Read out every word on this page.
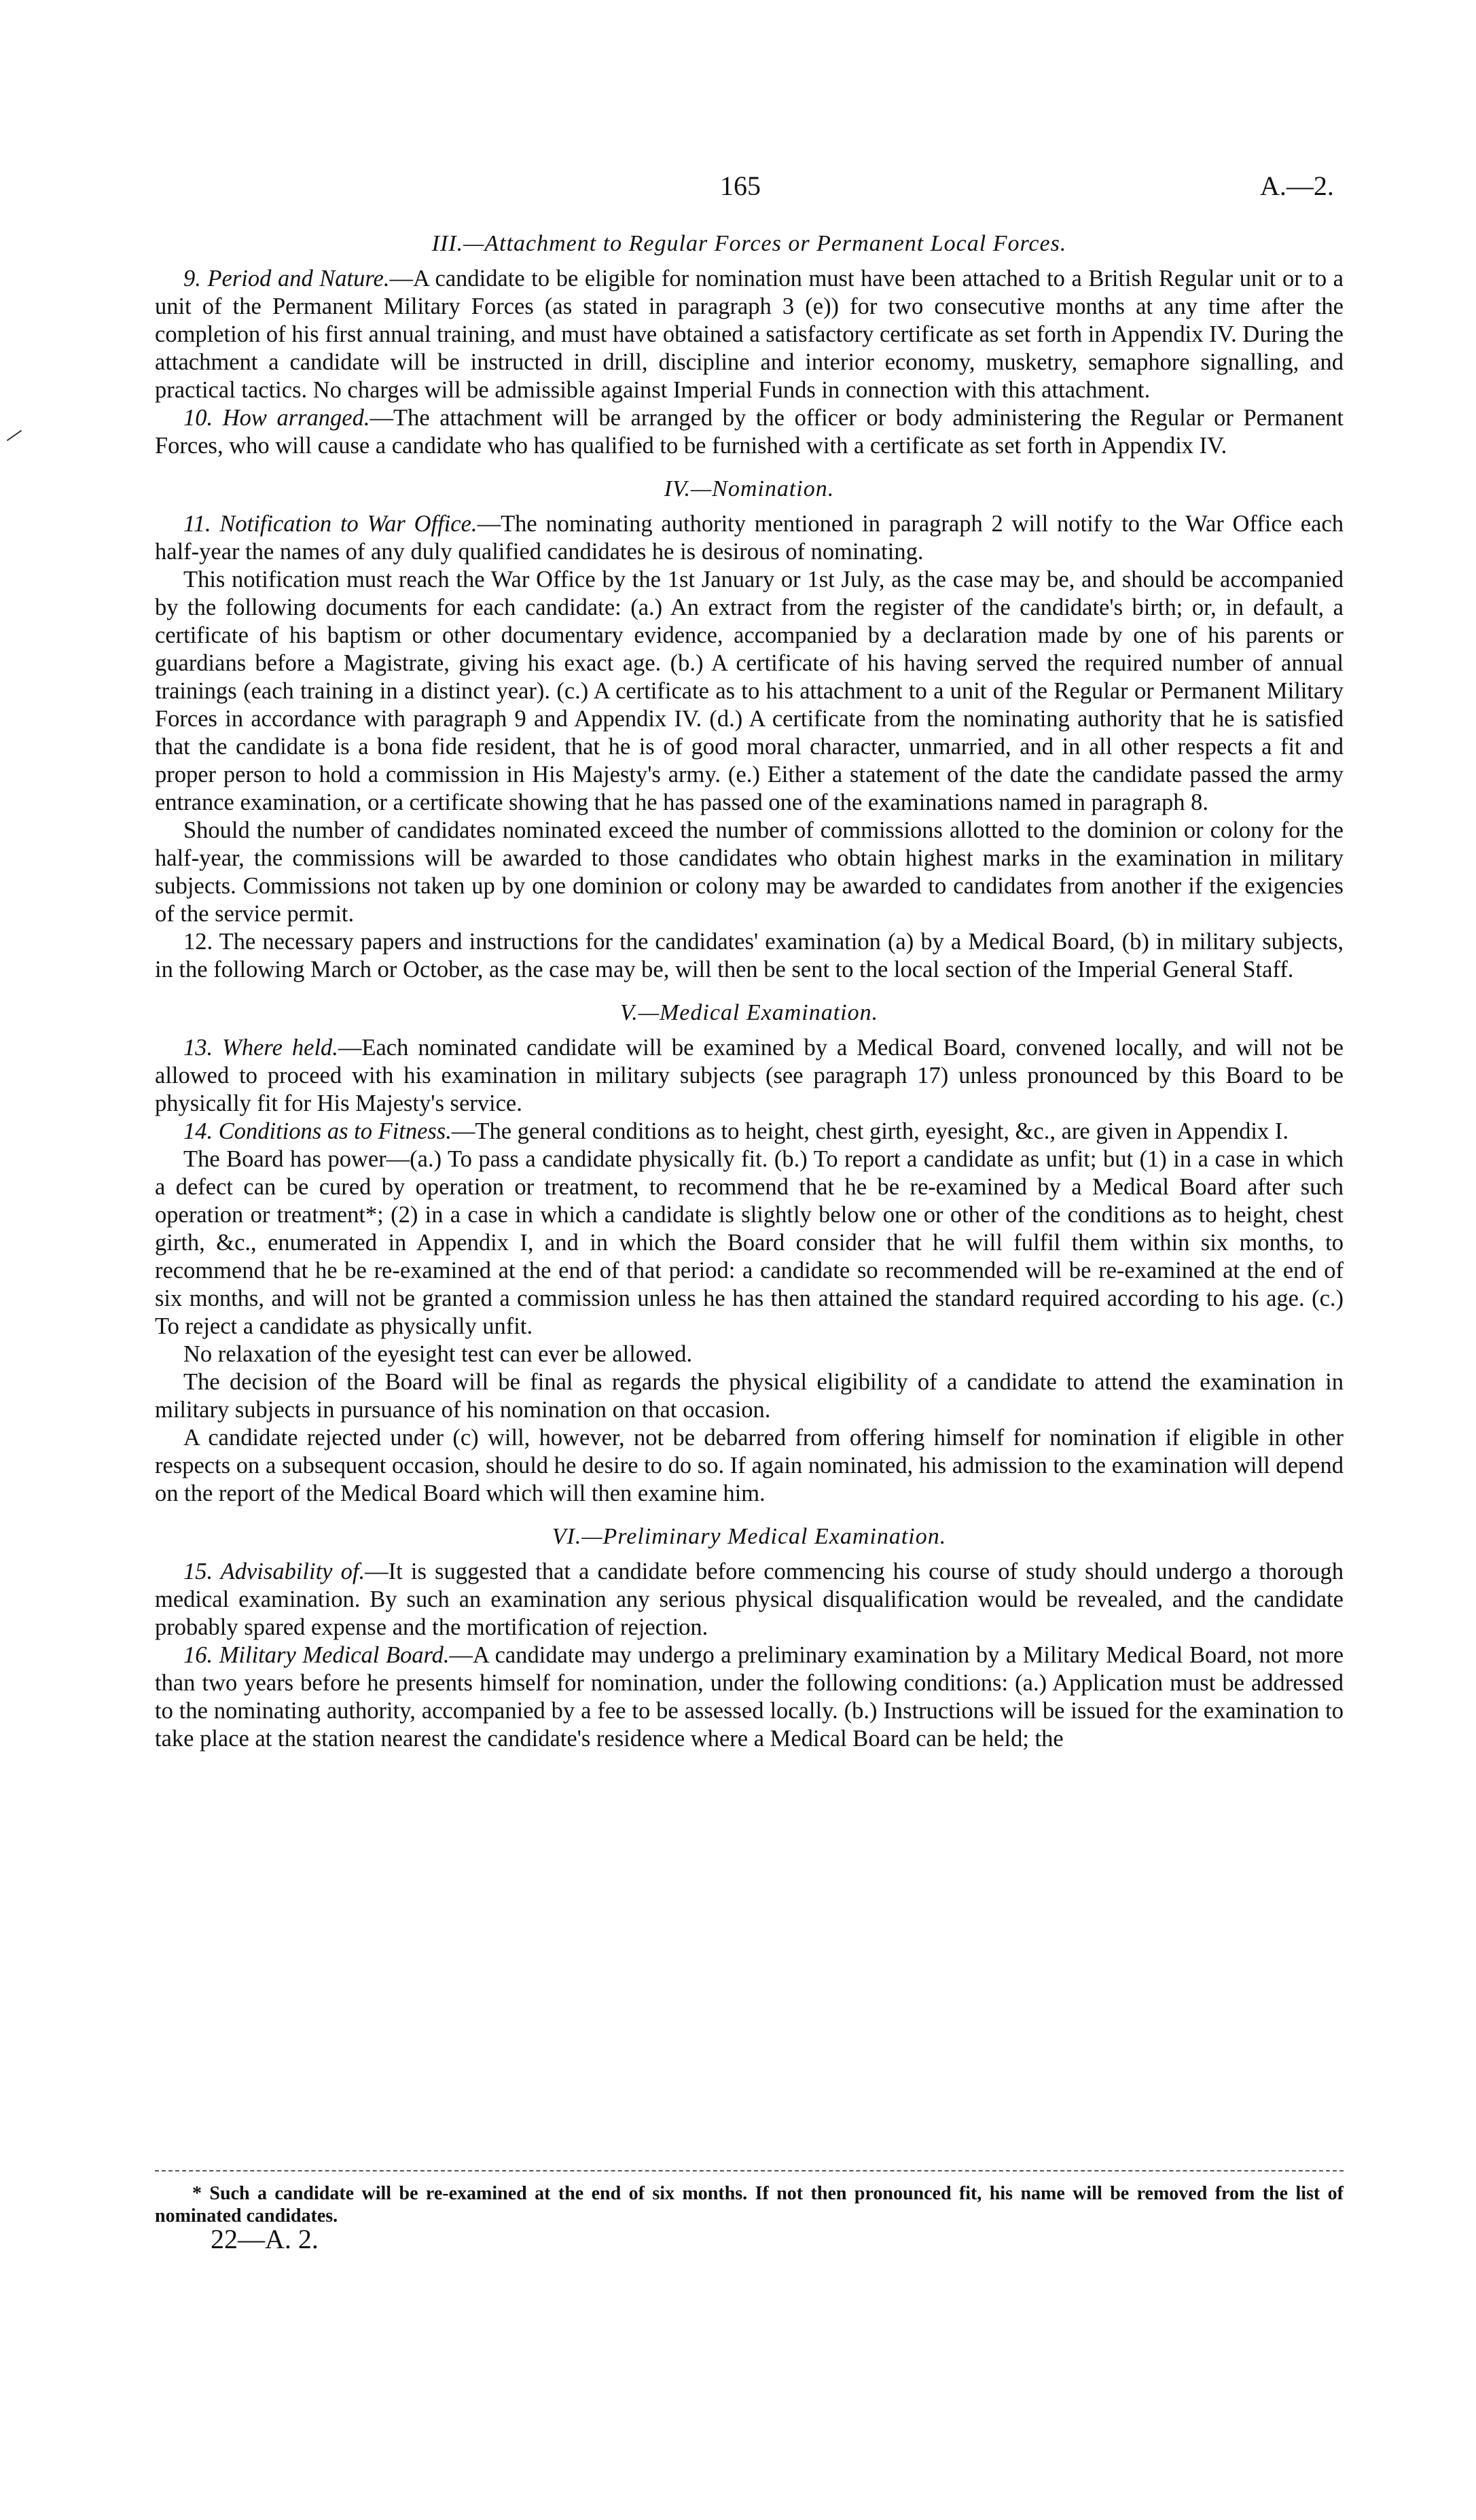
165	A.—2.
III.—Attachment to Regular Forces or Permanent Local Forces.

9. Period and Nature.—A candidate to be eligible for nomination must have been attached to a British Regular unit or to a unit of the Permanent Military Forces (as stated in paragraph 3 (e)) for two consecutive months at any time after the completion of his first annual training, and must have obtained a satisfactory certificate as set forth in Appendix IV. During the attachment a candidate will be instructed in drill, discipline and interior economy, musketry, semaphore signalling, and practical tactics. No charges will be admissible against Imperial Funds in connection with this attachment.

10. How arranged.—The attachment will be arranged by the officer or body administering the Regular or Permanent Forces, who will cause a candidate who has qualified to be furnished with a certificate as set forth in Appendix IV.

IV.—Nomination.

11. Notification to War Office.—The nominating authority mentioned in paragraph 2 will notify to the War Office each half-year the names of any duly qualified candidates he is desirous of nominating.

This notification must reach the War Office by the 1st January or 1st July, as the case may be, and should be accompanied by the following documents for each candidate: (a.) An extract from the register of the candidate's birth; or, in default, a certificate of his baptism or other documentary evidence, accompanied by a declaration made by one of his parents or guardians before a Magistrate, giving his exact age. (b.) A certificate of his having served the required number of annual trainings (each training in a distinct year). (c.) A certificate as to his attachment to a unit of the Regular or Permanent Military Forces in accordance with paragraph 9 and Appendix IV. (d.) A certificate from the nominating authority that he is satisfied that the candidate is a bona fide resident, that he is of good moral character, unmarried, and in all other respects a fit and proper person to hold a commission in His Majesty's army. (e.) Either a statement of the date the candidate passed the army entrance examination, or a certificate showing that he has passed one of the examinations named in paragraph 8.

Should the number of candidates nominated exceed the number of commissions allotted to the dominion or colony for the half-year, the commissions will be awarded to those candidates who obtain highest marks in the examination in military subjects. Commissions not taken up by one dominion or colony may be awarded to candidates from another if the exigencies of the service permit.

12. The necessary papers and instructions for the candidates' examination (a) by a Medical Board, (b) in military subjects, in the following March or October, as the case may be, will then be sent to the local section of the Imperial General Staff.

V.—Medical Examination.

13. Where held.—Each nominated candidate will be examined by a Medical Board, convened locally, and will not be allowed to proceed with his examination in military subjects (see paragraph 17) unless pronounced by this Board to be physically fit for His Majesty's service.

14. Conditions as to Fitness.—The general conditions as to height, chest girth, eyesight, &c., are given in Appendix I.

The Board has power—(a.) To pass a candidate physically fit. (b.) To report a candidate as unfit; but (1) in a case in which a defect can be cured by operation or treatment, to recommend that he be re-examined by a Medical Board after such operation or treatment*; (2) in a case in which a candidate is slightly below one or other of the conditions as to height, chest girth, &c., enumerated in Appendix I, and in which the Board consider that he will fulfil them within six months, to recommend that he be re-examined at the end of that period: a candidate so recommended will be re-examined at the end of six months, and will not be granted a commission unless he has then attained the standard required according to his age. (c.) To reject a candidate as physically unfit.

No relaxation of the eyesight test can ever be allowed.

The decision of the Board will be final as regards the physical eligibility of a candidate to attend the examination in military subjects in pursuance of his nomination on that occasion.

A candidate rejected under (c) will, however, not be debarred from offering himself for nomination if eligible in other respects on a subsequent occasion, should he desire to do so. If again nominated, his admission to the examination will depend on the report of the Medical Board which will then examine him.

VI.—Preliminary Medical Examination.

15. Advisability of.—It is suggested that a candidate before commencing his course of study should undergo a thorough medical examination. By such an examination any serious physical disqualification would be revealed, and the candidate probably spared expense and the mortification of rejection.

16. Military Medical Board.—A candidate may undergo a preliminary examination by a Military Medical Board, not more than two years before he presents himself for nomination, under the following conditions: (a.) Application must be addressed to the nominating authority, accompanied by a fee to be assessed locally. (b.) Instructions will be issued for the examination to take place at the station nearest the candidate's residence where a Medical Board can be held; the

* Such a candidate will be re-examined at the end of six months. If not then pronounced fit, his name will be removed from the list of nominated candidates.
22—A. 2.
